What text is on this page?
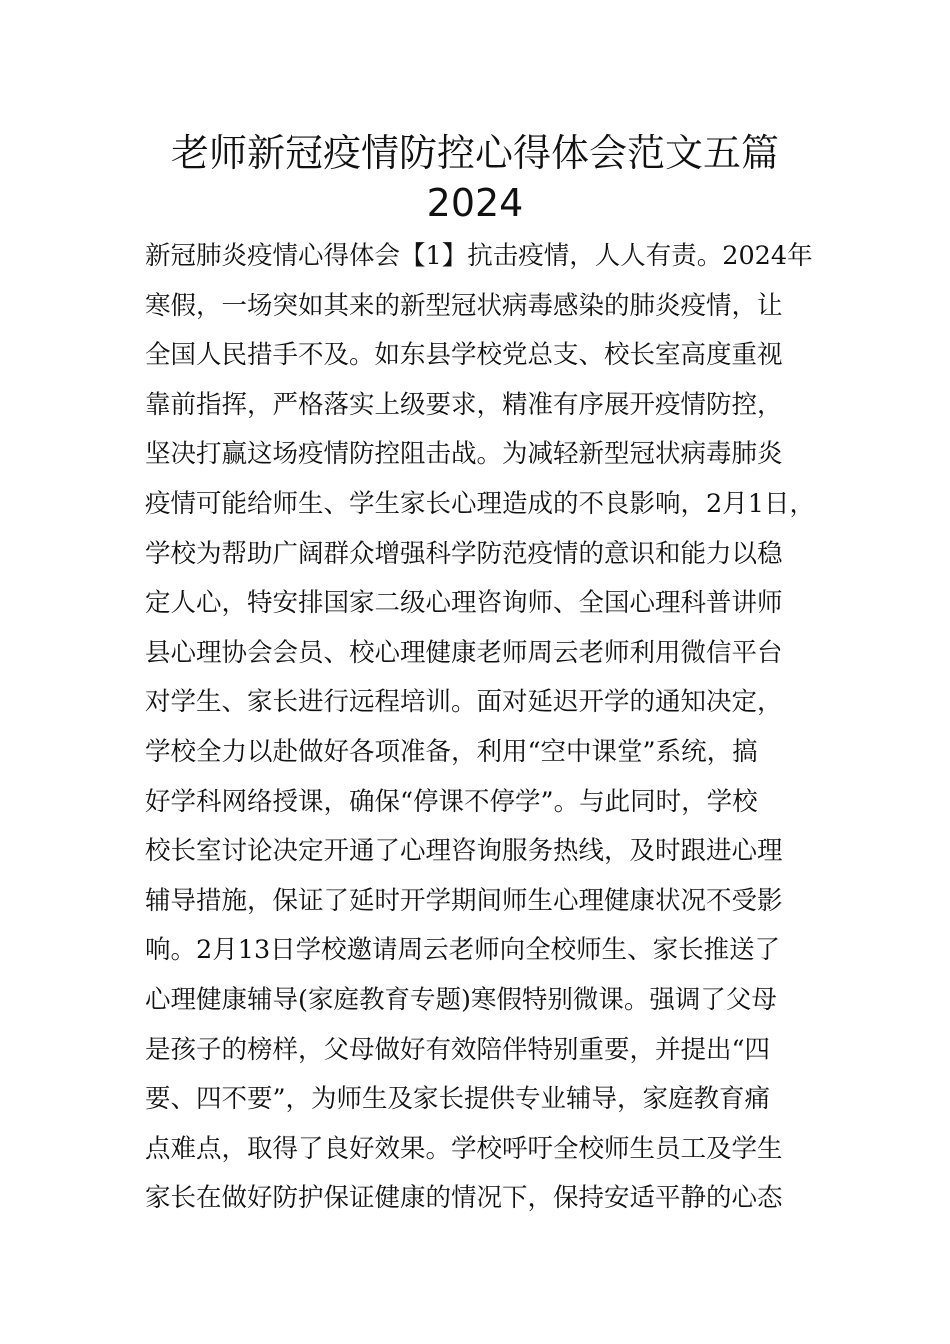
老师新冠疫情防控心得体会范文五篇
2024
新冠肺炎疫情心得体会【1】抗击疫情，人人有责。2024年
寒假，一场突如其来的新型冠状病毒感染的肺炎疫情，让
全国人民措手不及。如东县学校党总支、校长室高度重视
靠前指挥，严格落实上级要求，精准有序展开疫情防控，
坚决打赢这场疫情防控阻击战。为减轻新型冠状病毒肺炎
疫情可能给师生、学生家长心理造成的不良影响，2月1日，
学校为帮助广阔群众增强科学防范疫情的意识和能力以稳
定人心，特安排国家二级心理咨询师、全国心理科普讲师
县心理协会会员、校心理健康老师周云老师利用微信平台
对学生、家长进行远程培训。面对延迟开学的通知决定，
学校全力以赴做好各项准备，利用“空中课堂”系统，搞
好学科网络授课，确保“停课不停学”。与此同时，学校
校长室讨论决定开通了心理咨询服务热线，及时跟进心理
辅导措施，保证了延时开学期间师生心理健康状况不受影
响。2月13日学校邀请周云老师向全校师生、家长推送了
心理健康辅导(家庭教育专题)寒假特别微课。强调了父母
是孩子的榜样，父母做好有效陪伴特别重要，并提出“四
要、四不要”，为师生及家长提供专业辅导，家庭教育痛
点难点，取得了良好效果。学校呼吁全校师生员工及学生
家长在做好防护保证健康的情况下，保持安适平静的心态
